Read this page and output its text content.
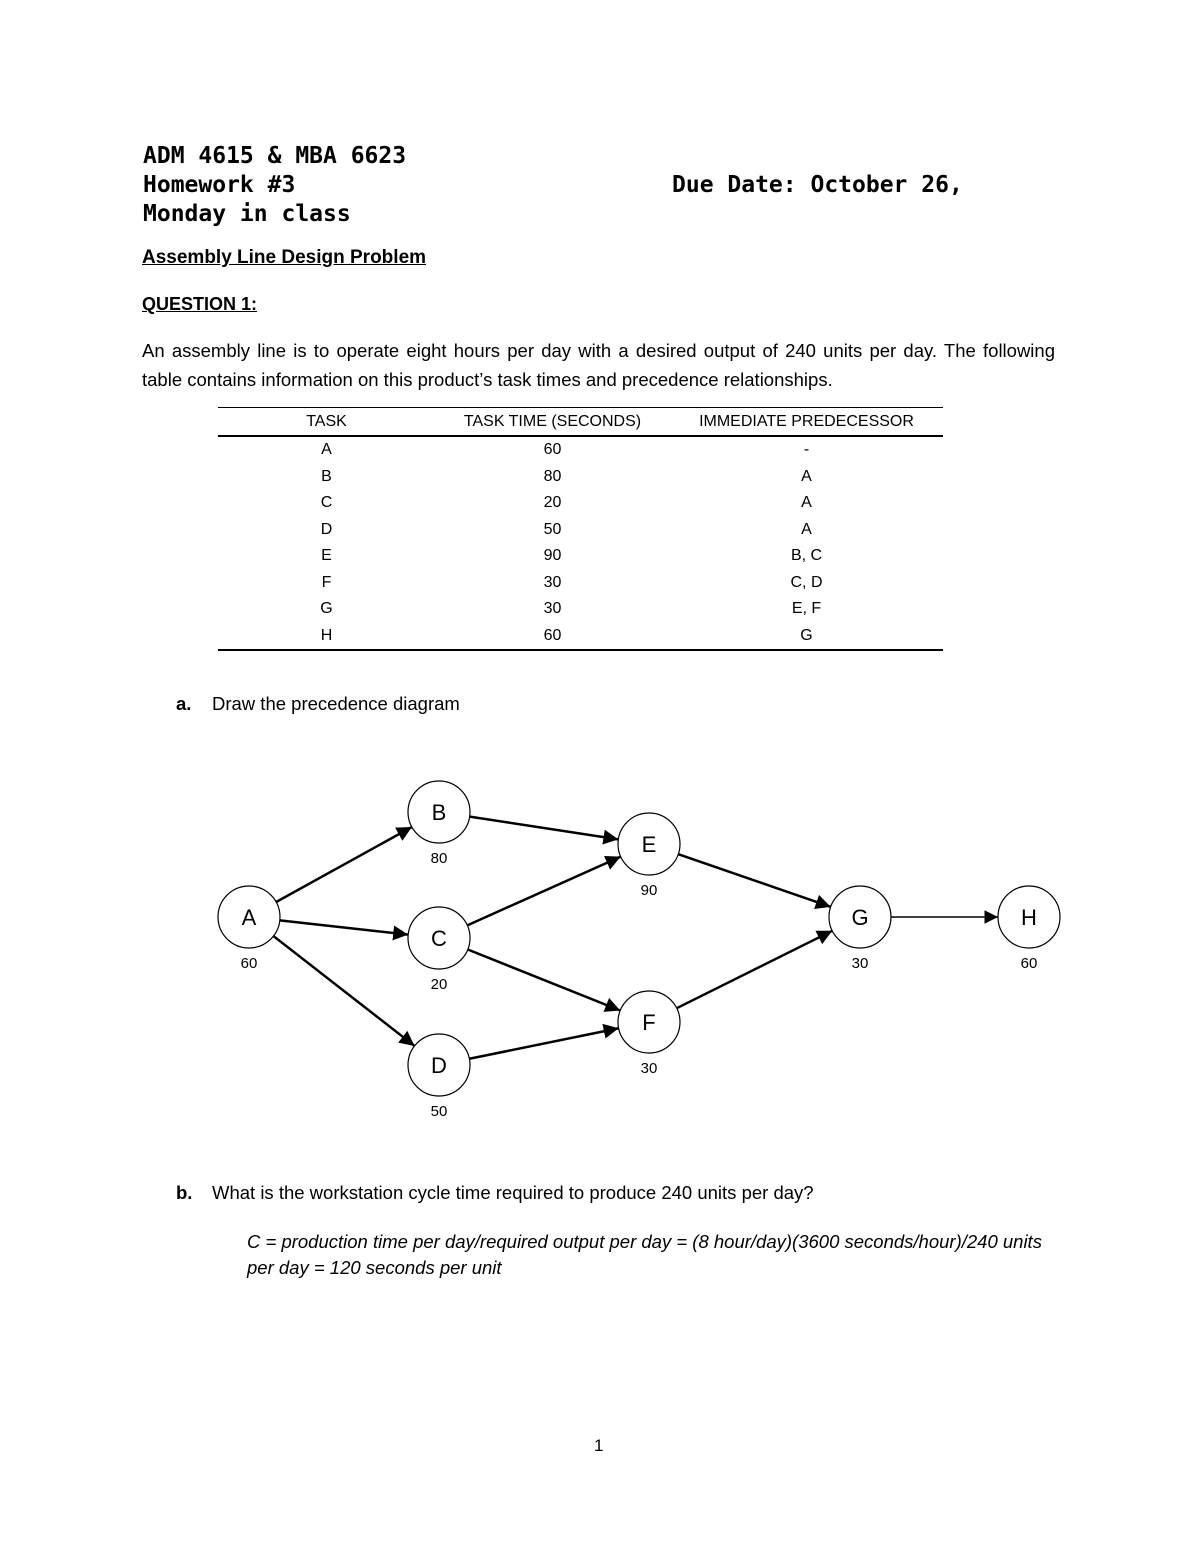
ADM 4615 & MBA 6623
Homework #3	Due Date: October 26,
Monday in class
Assembly Line Design Problem
QUESTION 1:
An assembly line is to operate eight hours per day with a desired output of 240 units per day. The following table contains information on this product’s task times and precedence relationships.
TASK	TASK TIME (SECONDS)	IMMEDIATE PREDECESSOR
A	60	-
B	80	A
C	20	A
D	50	A
E	90	B, C
F	30	C, D
G	30	E, F
H	60	G
a. Draw the precedence diagram
A
60
B
80
C
20
D
50
E
90
F
30
G
30
H
60
b. What is the workstation cycle time required to produce 240 units per day?
C = production time per day/required output per day = (8 hour/day)(3600 seconds/hour)/240 units per day = 120 seconds per unit
1
